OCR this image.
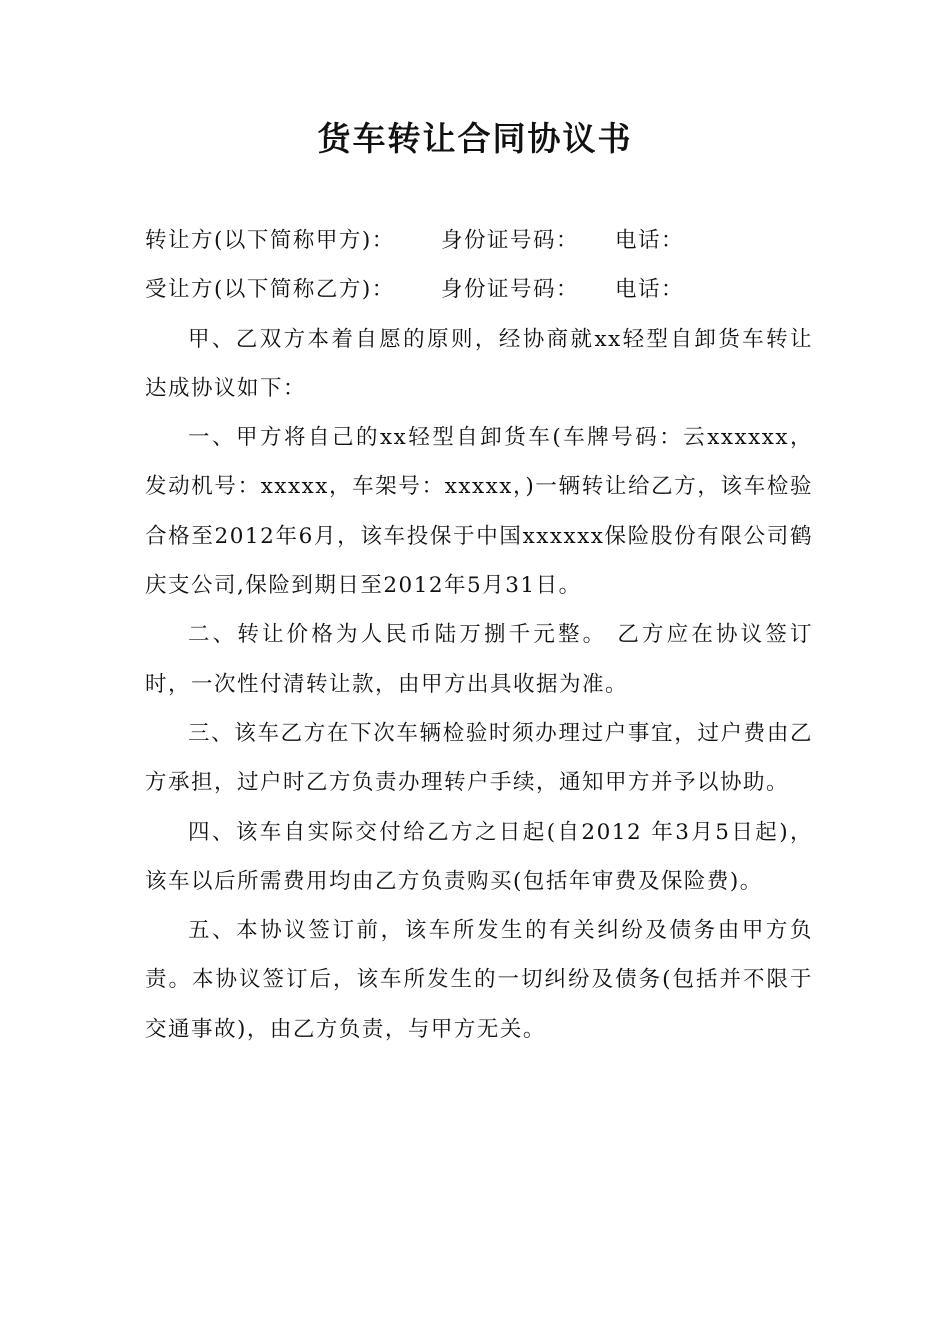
货车转让合同协议书

转让方(以下简称甲方)：	身份证号码：	电话：

受让方(以下简称乙方)：	身份证号码：	电话：

甲、乙双方本着自愿的原则，经协商就xx轻型自卸货车转让达成协议如下：

一、甲方将自己的xx轻型自卸货车(车牌号码：云xxxxxx， 发动机号：xxxxx，车架号：xxxxx，)一辆转让给乙方，该车检验合格至2012年6月，该车投保于中国xxxxxx保险股份有限公司鹤庆支公司,保险到期日至2012年5月31日。

二、转让价格为人民币陆万捌千元整。 乙方应在协议签订时，一次性付清转让款，由甲方出具收据为准。

三、该车乙方在下次车辆检验时须办理过户事宜，过户费由乙方承担，过户时乙方负责办理转户手续，通知甲方并予以协助。

四、该车自实际交付给乙方之日起(自2012 年3月5日起)，该车以后所需费用均由乙方负责购买(包括年审费及保险费)。

五、本协议签订前，该车所发生的有关纠纷及债务由甲方负责。本协议签订后，该车所发生的一切纠纷及债务(包括并不限于交通事故)，由乙方负责，与甲方无关。
